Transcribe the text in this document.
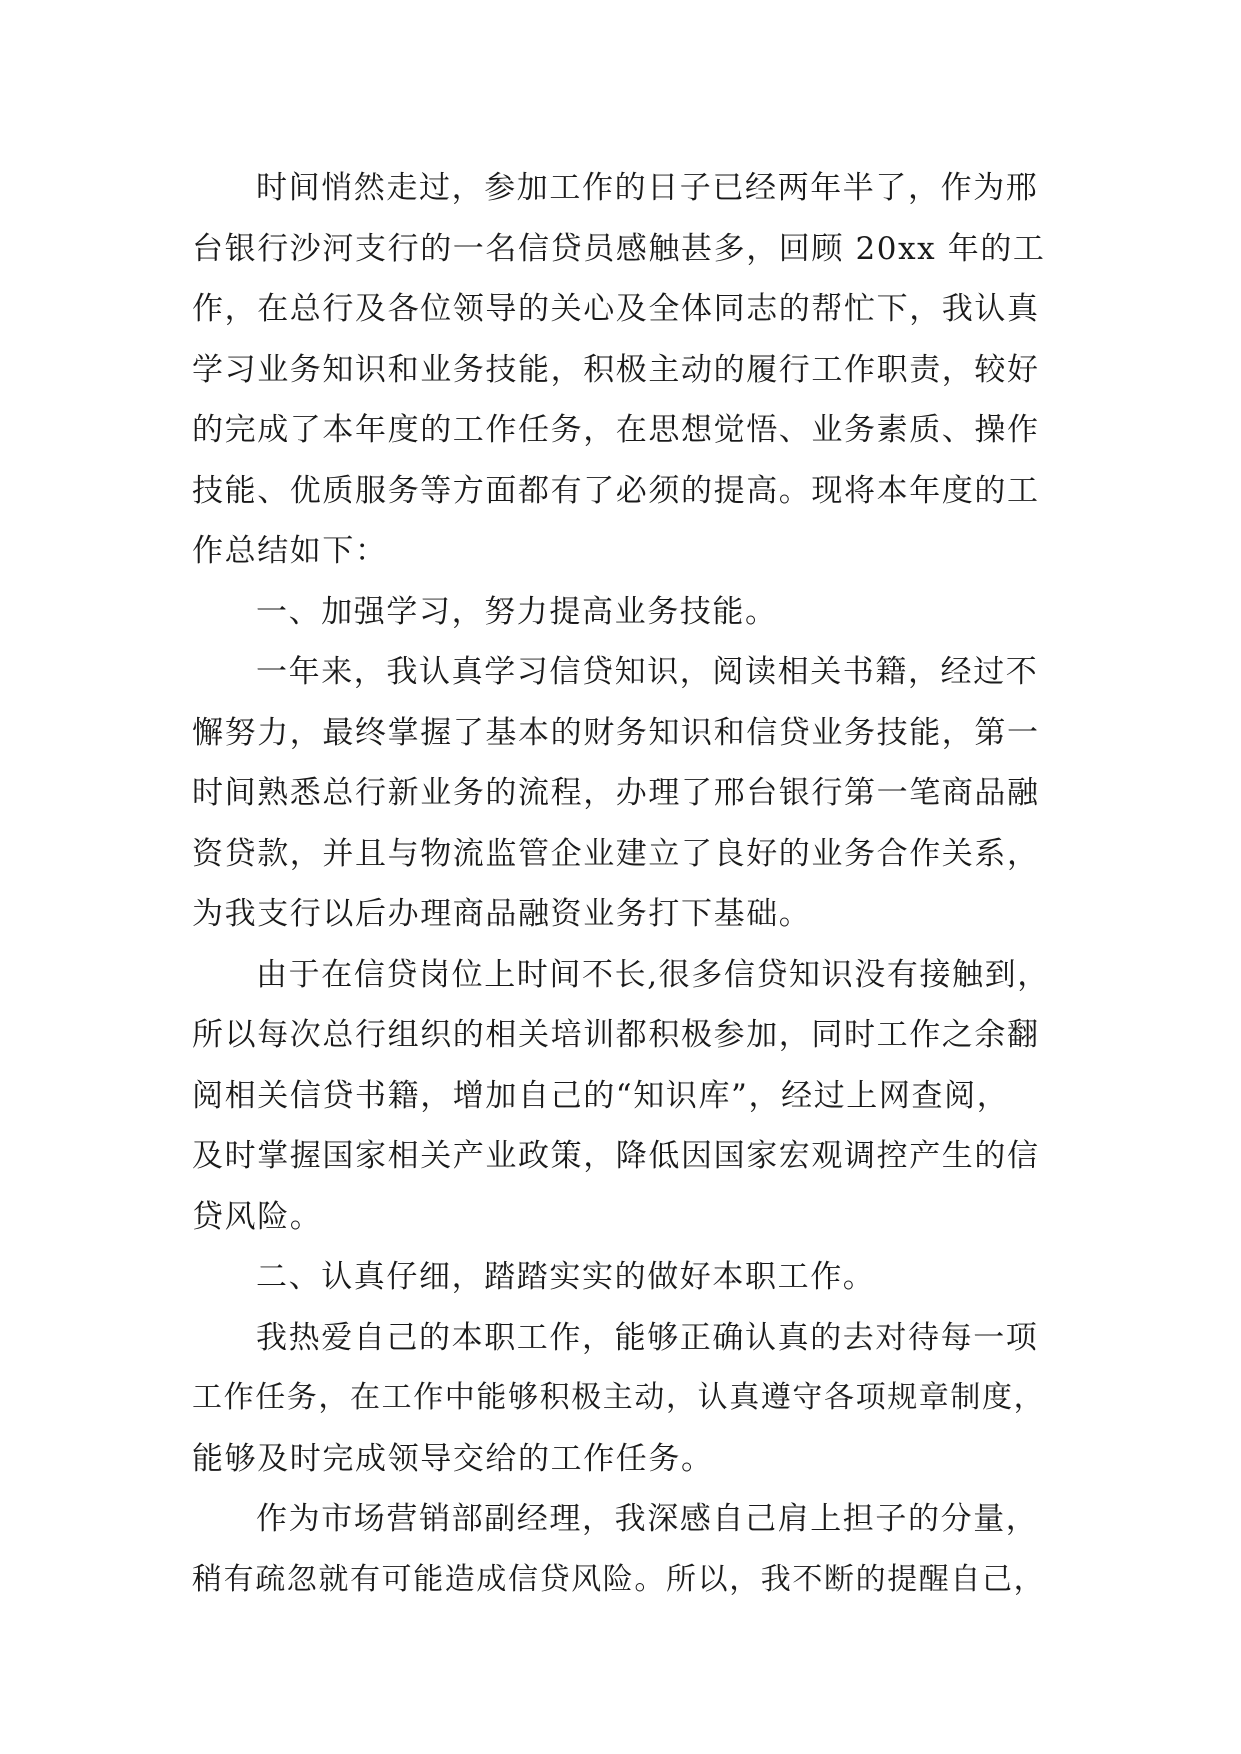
时间悄然走过，参加工作的日子已经两年半了，作为邢
台银行沙河支行的一名信贷员感触甚多，回顾 20xx 年的工
作，在总行及各位领导的关心及全体同志的帮忙下，我认真
学习业务知识和业务技能，积极主动的履行工作职责，较好
的完成了本年度的工作任务，在思想觉悟、业务素质、操作
技能、优质服务等方面都有了必须的提高。现将本年度的工
作总结如下：
一、加强学习，努力提高业务技能。
一年来，我认真学习信贷知识，阅读相关书籍，经过不
懈努力，最终掌握了基本的财务知识和信贷业务技能，第一
时间熟悉总行新业务的流程，办理了邢台银行第一笔商品融
资贷款，并且与物流监管企业建立了良好的业务合作关系，
为我支行以后办理商品融资业务打下基础。
由于在信贷岗位上时间不长,很多信贷知识没有接触到，
所以每次总行组织的相关培训都积极参加，同时工作之余翻
阅相关信贷书籍，增加自己的“知识库”，经过上网查阅，
及时掌握国家相关产业政策，降低因国家宏观调控产生的信
贷风险。
二、认真仔细，踏踏实实的做好本职工作。
我热爱自己的本职工作，能够正确认真的去对待每一项
工作任务，在工作中能够积极主动，认真遵守各项规章制度，
能够及时完成领导交给的工作任务。
作为市场营销部副经理，我深感自己肩上担子的分量，
稍有疏忽就有可能造成信贷风险。所以，我不断的提醒自己，
